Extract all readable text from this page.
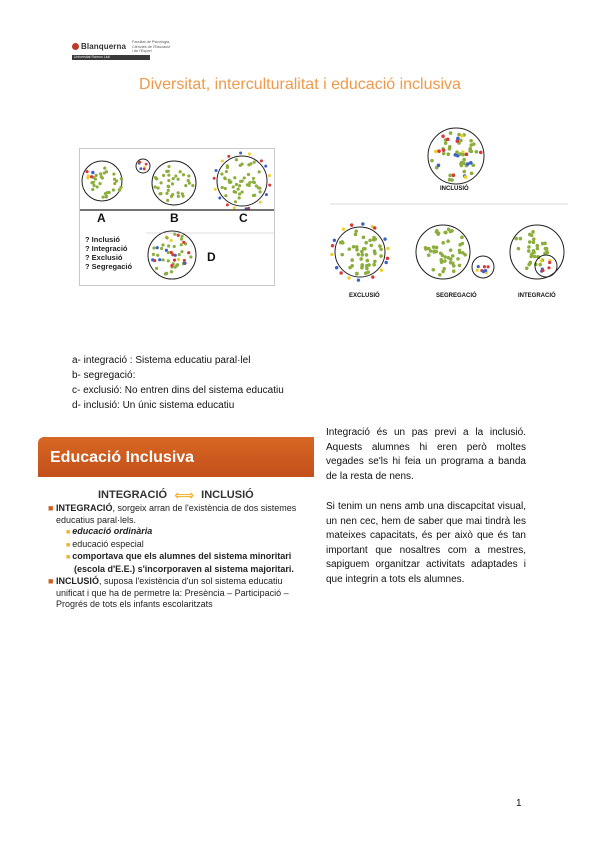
Blanquerna
Facultat de Psicologia,
Ciències de l'Educació
i de l'Esport
Universitat Ramon Llull
Diversitat, interculturalitat i educació inclusiva
A	B	C
D
? Inclusió
? Integració
? Exclusió
? Segregació
INCLUSIÓ
EXCLUSIÓ	SEGREGACIÓ	INTEGRACIÓ
a- integració : Sistema educatiu paral·lel
b- segregació:
c- exclusió: No entren dins del sistema educatiu
d- inclusió: Un únic sistema educatiu
Educació Inclusiva
INTEGRACIÓ ⟺ INCLUSIÓ
■ INTEGRACIÓ, sorgeix arran de l'existència de dos sistemes educatius paral·lels.
■ educació ordinària
■ educació especial
■ comportava que els alumnes del sistema minoritari (escola d'E.E.) s'incorporaven al sistema majoritari.
■ INCLUSIÓ, suposa l'existència d'un sol sistema educatiu unificat i que ha de permetre la: Presència – Participació – Progrés de tots els infants escolaritzats
Integració és un pas previ a la inclusió. Aquests alumnes hi eren però moltes vegades se'ls hi feia un programa a banda de la resta de nens.
Si tenim un nens amb una discapcitat visual, un nen cec, hem de saber que mai tindrà les mateixes capacitats, és per això que és tan important que nosaltres com a mestres, sapiguem organitzar activitats adaptades i que integrin a tots els alumnes.
1
